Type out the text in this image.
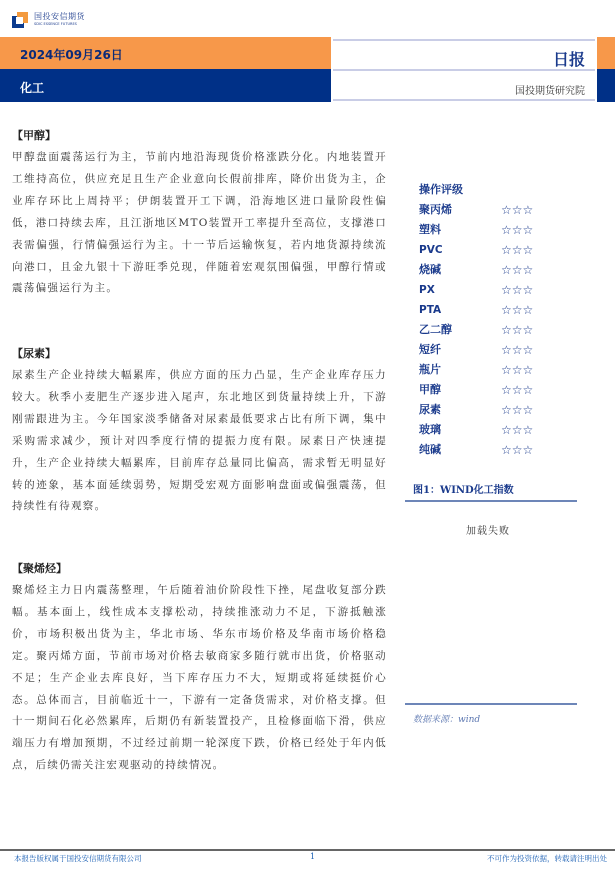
国投安信期货
SDIC ESSENCE FUTURES
2024年09月26日
化工
日报
国投期货研究院
【甲醇】
甲醇盘面震荡运行为主，节前内地沿海现货价格涨跌分化。内地装置开工维持高位，供应充足且生产企业意向长假前排库，降价出货为主，企业库存环比上周持平；伊朗装置开工下调，沿海地区进口量阶段性偏低，港口持续去库，且江浙地区MTO装置开工率提升至高位，支撑港口表需偏强，行情偏强运行为主。十一节后运输恢复，若内地货源持续流向港口，且金九银十下游旺季兑现，伴随着宏观氛围偏强，甲醇行情或震荡偏强运行为主。
【尿素】
尿素生产企业持续大幅累库，供应方面的压力凸显，生产企业库存压力较大。秋季小麦肥生产逐步进入尾声，东北地区到货量持续上升，下游刚需跟进为主。今年国家淡季储备对尿素最低要求占比有所下调，集中采购需求减少，预计对四季度行情的提振力度有限。尿素日产快速提升，生产企业持续大幅累库，目前库存总量同比偏高，需求暂无明显好转的迹象，基本面延续弱势，短期受宏观方面影响盘面或偏强震荡，但持续性有待观察。
【聚烯烃】
聚烯烃主力日内震荡整理，午后随着油价阶段性下挫，尾盘收复部分跌幅。基本面上，线性成本支撑松动，持续推涨动力不足，下游抵触涨价，市场积极出货为主，华北市场、华东市场价格及华南市场价格稳定。聚丙烯方面，节前市场对价格去敏商家多随行就市出货，价格驱动不足；生产企业去库良好，当下库存压力不大，短期或将延续挺价心态。总体而言，目前临近十一，下游有一定备货需求，对价格支撑。但十一期间石化必然累库，后期仍有新装置投产，且检修面临下滑，供应端压力有增加预期，不过经过前期一轮深度下跌，价格已经处于年内低点，后续仍需关注宏观驱动的持续情况。
操作评级
聚丙烯	☆☆☆
塑料	☆☆☆
PVC	☆☆☆
烧碱	☆☆☆
PX	☆☆☆
PTA	☆☆☆
乙二醇	☆☆☆
短纤	☆☆☆
瓶片	☆☆☆
甲醇	☆☆☆
尿素	☆☆☆
玻璃	☆☆☆
纯碱	☆☆☆
图1：WIND化工指数
加载失败
数据来源：wind
本报告版权属于国投安信期货有限公司	1	不可作为投资依据，转载请注明出处
